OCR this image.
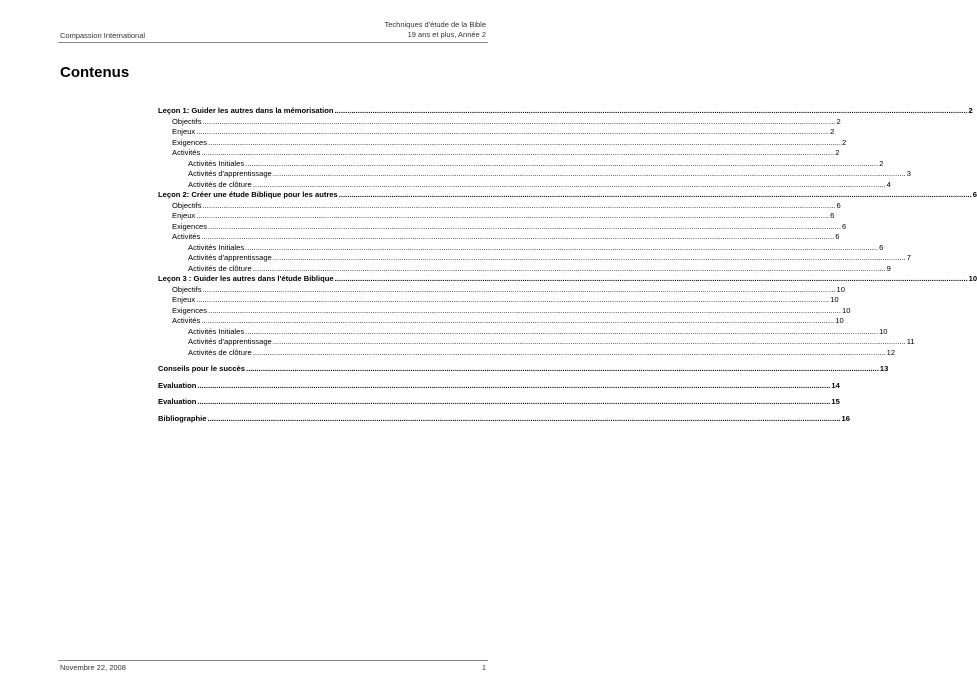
Compassion International
Techniques d'étude de la Bible
19 ans et plus, Année 2
Contenus
Leçon 1: Guider les autres dans la mémorisation ............................................................................................................................................................................................................................................................................................................ 2
Objectifs ............................................................................................................................................................................................................................................................................................................ 2
Enjeux ............................................................................................................................................................................................................................................................................................................ 2
Exigences ............................................................................................................................................................................................................................................................................................................ 2
Activités ............................................................................................................................................................................................................................................................................................................ 2
Activités Initiales ............................................................................................................................................................................................................................................................................................................ 2
Activités d'apprentissage ............................................................................................................................................................................................................................................................................................................ 3
Activités de clôture ............................................................................................................................................................................................................................................................................................................ 4
Leçon 2: Créer une étude Biblique pour les autres ............................................................................................................................................................................................................................................................................................................ 6
Objectifs ............................................................................................................................................................................................................................................................................................................ 6
Enjeux ............................................................................................................................................................................................................................................................................................................ 6
Exigences ............................................................................................................................................................................................................................................................................................................ 6
Activités ............................................................................................................................................................................................................................................................................................................ 6
Activités Initiales ............................................................................................................................................................................................................................................................................................................ 6
Activités d'apprentissage ............................................................................................................................................................................................................................................................................................................ 7
Activités de clôture ............................................................................................................................................................................................................................................................................................................ 9
Leçon 3 : Guider les autres dans l'étude Biblique ............................................................................................................................................................................................................................................................................................................ 10
Objectifs ............................................................................................................................................................................................................................................................................................................ 10
Enjeux ............................................................................................................................................................................................................................................................................................................ 10
Exigences ............................................................................................................................................................................................................................................................................................................ 10
Activités ............................................................................................................................................................................................................................................................................................................ 10
Activités Initiales ............................................................................................................................................................................................................................................................................................................ 10
Activités d'apprentissage ............................................................................................................................................................................................................................................................................................................ 11
Activités de clôture ............................................................................................................................................................................................................................................................................................................ 12
Conseils pour le succès ............................................................................................................................................................................................................................................................................................................ 13
Evaluation ............................................................................................................................................................................................................................................................................................................ 14
Evaluation ............................................................................................................................................................................................................................................................................................................ 15
Bibliographie ............................................................................................................................................................................................................................................................................................................ 16
Novembre 22, 2008	1
